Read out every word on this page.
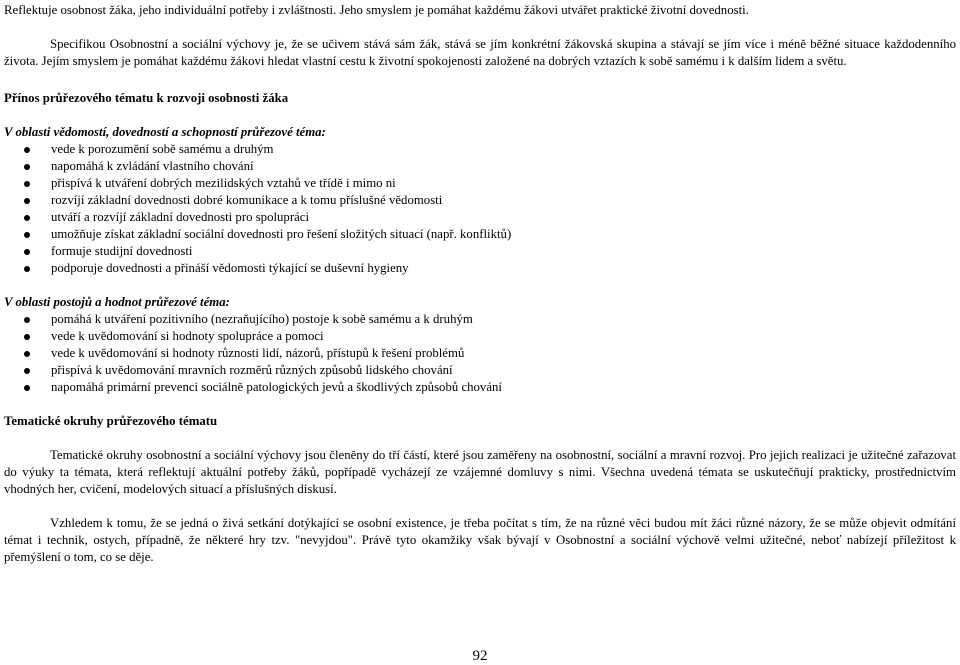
Reflektuje osobnost žáka, jeho individuální potřeby i zvláštnosti. Jeho smyslem je pomáhat každému žákovi utvářet praktické životní dovednosti.

Specifikou Osobnostní a sociální výchovy je, že se učivem stává sám žák, stává se jím konkrétní žákovská skupina a stávají se jím více i méně běžné situace každodenního života. Jejím smyslem je pomáhat každému žákovi hledat vlastní cestu k životní spokojenosti založené na dobrých vztazích k sobě samému i k dalším lidem a světu.

Přínos průřezového tématu k rozvoji osobnosti žáka

V oblasti vědomostí, dovedností a schopností průřezové téma:

vede k porozumění sobě samému a druhým
napomáhá k zvládání vlastního chování
přispívá k utváření dobrých mezilidských vztahů ve třídě i mimo ni
rozvíjí základní dovednosti dobré komunikace a k tomu příslušné vědomosti
utváří a rozvíjí základní dovednosti pro spolupráci
umožňuje získat základní sociální dovednosti pro řešení složitých situací (např. konfliktů)
formuje studijní dovednosti
podporuje dovednosti a přináší vědomosti týkající se duševní hygieny

V oblasti postojů a hodnot průřezové téma:

pomáhá k utváření pozitivního (nezraňujícího) postoje k sobě samému a k druhým
vede k uvědomování si hodnoty spolupráce a pomoci
vede k uvědomování si hodnoty různosti lidí, názorů, přístupů k řešení problémů
přispívá k uvědomování mravních rozměrů různých způsobů lidského chování
napomáhá primární prevenci sociálně patologických jevů a škodlivých způsobů chování

Tematické okruhy průřezového tématu

Tematické okruhy osobnostní a sociální výchovy jsou členěny do tří částí, které jsou zaměřeny na osobnostní, sociální a mravní rozvoj. Pro jejich realizaci je užitečné zařazovat do výuky ta témata, která reflektují aktuální potřeby žáků, popřípadě vycházejí ze vzájemné domluvy s nimi. Všechna uvedená témata se uskutečňují prakticky, prostřednictvím vhodných her, cvičení, modelových situací a příslušných diskusí.

Vzhledem k tomu, že se jedná o živá setkání dotýkající se osobní existence, je třeba počítat s tím, že na různé věci budou mít žáci různé názory, že se může objevit odmítání témat i technik, ostych, případně, že některé hry tzv. "nevyjdou". Právě tyto okamžiky však bývají v Osobnostní a sociální výchově velmi užitečné, neboť nabízejí příležitost k přemýšlení o tom, co se děje.

92
